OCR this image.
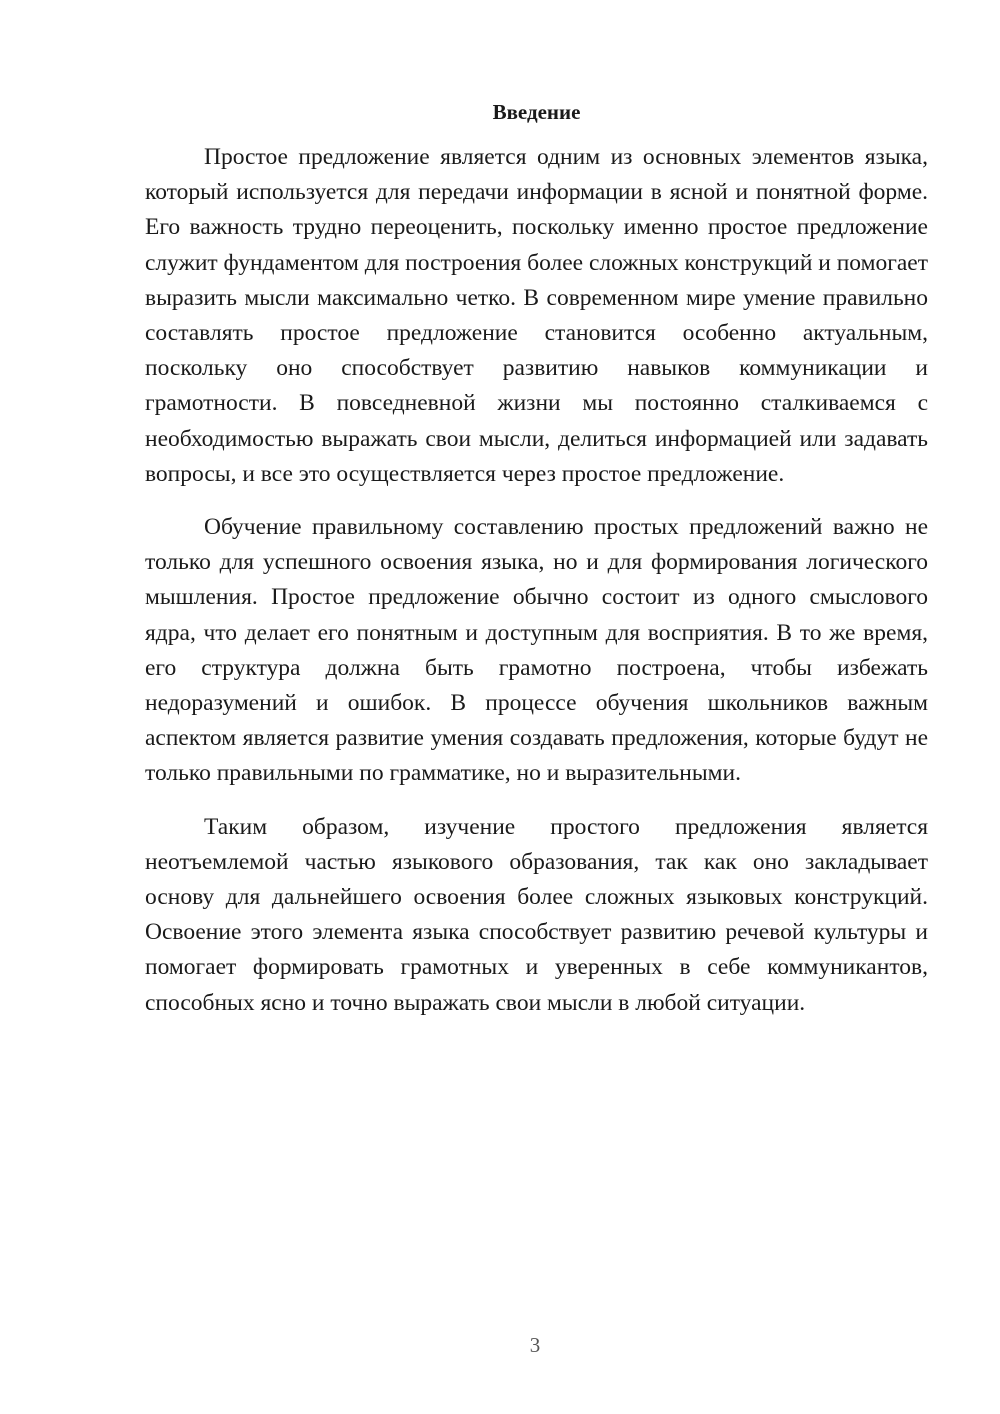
Введение

Простое предложение является одним из основных элементов языка, который используется для передачи информации в ясной и понятной форме. Его важность трудно переоценить, поскольку именно простое предложение служит фундаментом для построения более сложных конструкций и помогает выразить мысли максимально четко. В современном мире умение правильно составлять простое предложение становится особенно актуальным, поскольку оно способствует развитию навыков коммуникации и грамотности. В повседневной жизни мы постоянно сталкиваемся с необходимостью выражать свои мысли, делиться информацией или задавать вопросы, и все это осуществляется через простое предложение.

Обучение правильному составлению простых предложений важно не только для успешного освоения языка, но и для формирования логического мышления. Простое предложение обычно состоит из одного смыслового ядра, что делает его понятным и доступным для восприятия. В то же время, его структура должна быть грамотно построена, чтобы избежать недоразумений и ошибок. В процессе обучения школьников важным аспектом является развитие умения создавать предложения, которые будут не только правильными по грамматике, но и выразительными.

Таким образом, изучение простого предложения является неотъемлемой частью языкового образования, так как оно закладывает основу для дальнейшего освоения более сложных языковых конструкций. Освоение этого элемента языка способствует развитию речевой культуры и помогает формировать грамотных и уверенных в себе коммуникантов, способных ясно и точно выражать свои мысли в любой ситуации.

3
